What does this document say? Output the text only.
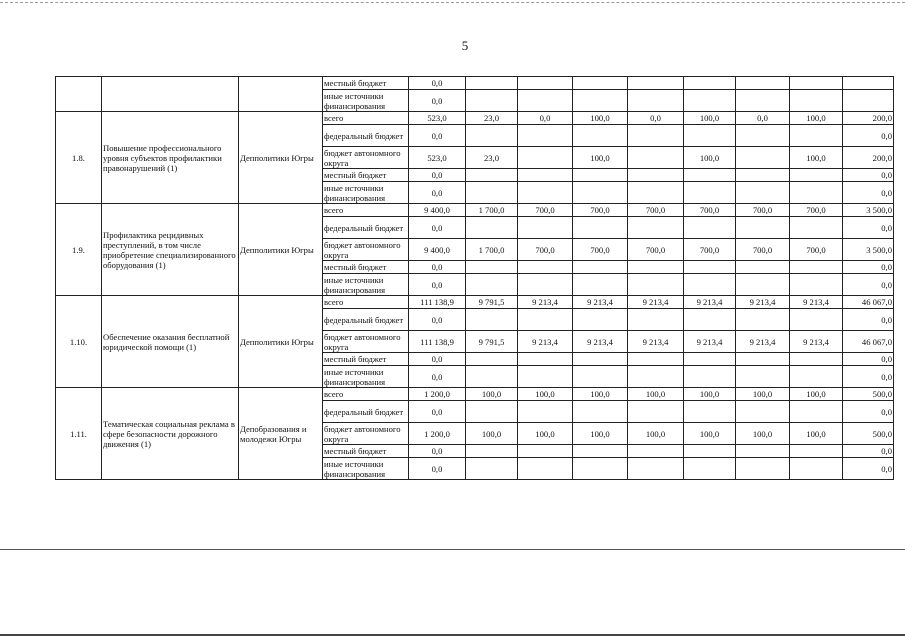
5
			местный бюджет	0,0									
			иные источники финансирования	0,0									
1.8.	Повышение профессионального уровня субъектов профилактики правонарушений (1)	Депполитики Югры	всего	523,0	23,0	0,0	100,0	0,0	100,0	0,0	100,0	200,0	
			федеральный бюджет	0,0								0,0	
			бюджет автономного округа	523,0	23,0		100,0		100,0		100,0	200,0	
			местный бюджет	0,0								0,0	
			иные источники финансирования	0,0								0,0	
1.9.	Профилактика рецидивных преступлений, в том числе приобретение специализированного оборудования (1)	Депполитики Югры	всего	9 400,0	1 700,0	700,0	700,0	700,0	700,0	700,0	700,0	3 500,0	
			федеральный бюджет	0,0								0,0	
			бюджет автономного округа	9 400,0	1 700,0	700,0	700,0	700,0	700,0	700,0	700,0	3 500,0	
			местный бюджет	0,0								0,0	
			иные источники финансирования	0,0								0,0	
1.10.	Обеспечение оказания бесплатной юридической помощи (1)	Депполитики Югры	всего	111 138,9	9 791,5	9 213,4	9 213,4	9 213,4	9 213,4	9 213,4	9 213,4	46 067,0	
			федеральный бюджет	0,0								0,0	
			бюджет автономного округа	111 138,9	9 791,5	9 213,4	9 213,4	9 213,4	9 213,4	9 213,4	9 213,4	46 067,0	
			местный бюджет	0,0								0,0	
			иные источники финансирования	0,0								0,0	
1.11.	Тематическая социальная реклама в сфере безопасности дорожного движения (1)	Депобразования и молодежи Югры	всего	1 200,0	100,0	100,0	100,0	100,0	100,0	100,0	100,0	500,0	
			федеральный бюджет	0,0								0,0	
			бюджет автономного округа	1 200,0	100,0	100,0	100,0	100,0	100,0	100,0	100,0	500,0	
			местный бюджет	0,0								0,0	
			иные источники финансирования	0,0								0,0	
